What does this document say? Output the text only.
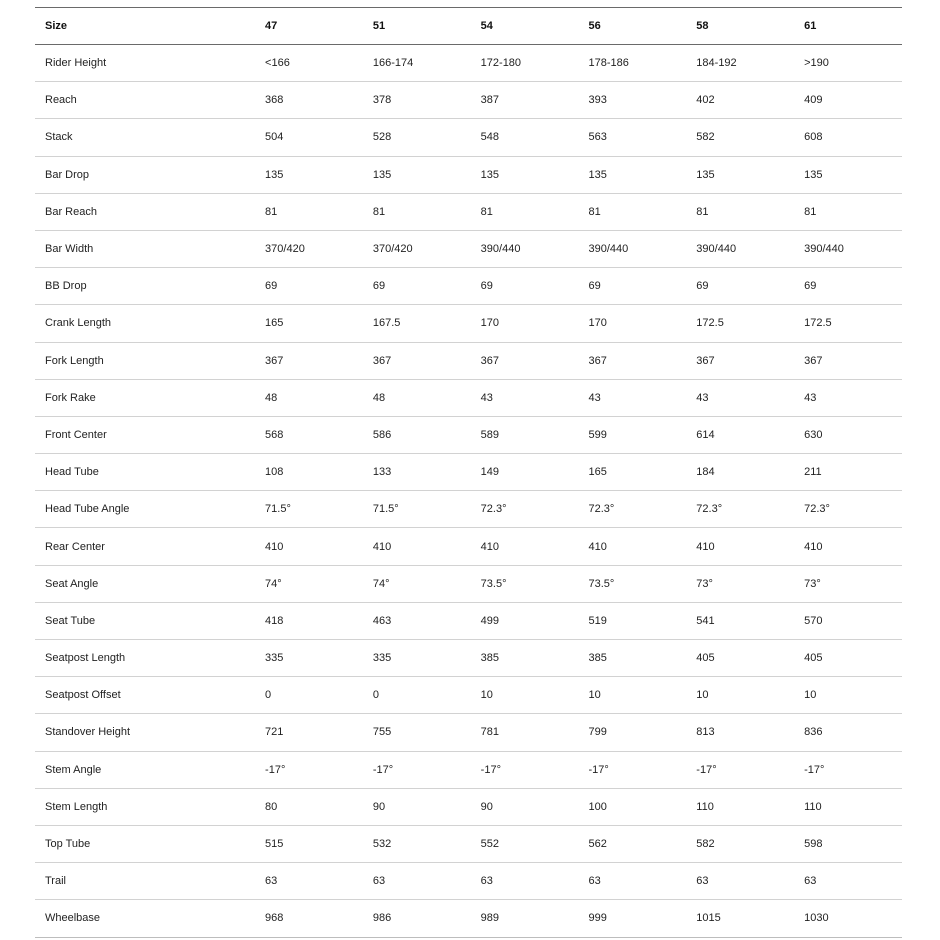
Size	47	51	54	56	58	61
Rider Height	<166	166-174	172-180	178-186	184-192	>190
Reach	368	378	387	393	402	409
Stack	504	528	548	563	582	608
Bar Drop	135	135	135	135	135	135
Bar Reach	81	81	81	81	81	81
Bar Width	370/420	370/420	390/440	390/440	390/440	390/440
BB Drop	69	69	69	69	69	69
Crank Length	165	167.5	170	170	172.5	172.5
Fork Length	367	367	367	367	367	367
Fork Rake	48	48	43	43	43	43
Front Center	568	586	589	599	614	630
Head Tube	108	133	149	165	184	211
Head Tube Angle	71.5°	71.5°	72.3°	72.3°	72.3°	72.3°
Rear Center	410	410	410	410	410	410
Seat Angle	74°	74°	73.5°	73.5°	73°	73°
Seat Tube	418	463	499	519	541	570
Seatpost Length	335	335	385	385	405	405
Seatpost Offset	0	0	10	10	10	10
Standover Height	721	755	781	799	813	836
Stem Angle	-17°	-17°	-17°	-17°	-17°	-17°
Stem Length	80	90	90	100	110	110
Top Tube	515	532	552	562	582	598
Trail	63	63	63	63	63	63
Wheelbase	968	986	989	999	1015	1030
